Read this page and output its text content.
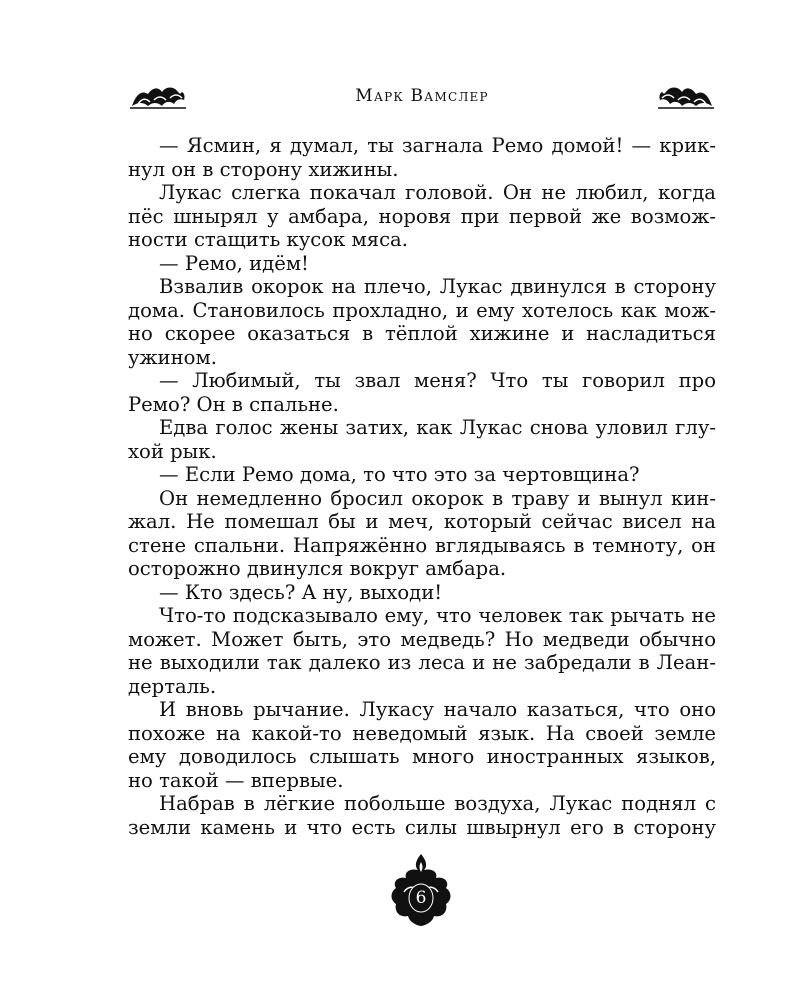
Марк Вамслер
— Ясмин, я думал, ты загнала Ремо домой! — крик-
нул он в сторону хижины.
Лукас слегка покачал головой. Он не любил, когда
пёс шнырял у амбара, норовя при первой же возмож-
ности стащить кусок мяса.
— Ремо, идём!
Взвалив окорок на плечо, Лукас двинулся в сторону
дома. Становилось прохладно, и ему хотелось как мож-
но скорее оказаться в тёплой хижине и насладиться
ужином.
— Любимый, ты звал меня? Что ты говорил про
Ремо? Он в спальне.
Едва голос жены затих, как Лукас снова уловил глу-
хой рык.
— Если Ремо дома, то что это за чертовщина?
Он немедленно бросил окорок в траву и вынул кин-
жал. Не помешал бы и меч, который сейчас висел на
стене спальни. Напряжённо вглядываясь в темноту, он
осторожно двинулся вокруг амбара.
— Кто здесь? А ну, выходи!
Что-то подсказывало ему, что человек так рычать не
может. Может быть, это медведь? Но медведи обычно
не выходили так далеко из леса и не забредали в Леан-
дерталь.
И вновь рычание. Лукасу начало казаться, что оно
похоже на какой-то неведомый язык. На своей земле
ему доводилось слышать много иностранных языков,
но такой — впервые.
Набрав в лёгкие побольше воздуха, Лукас поднял с
земли камень и что есть силы швырнул его в сторону
6
